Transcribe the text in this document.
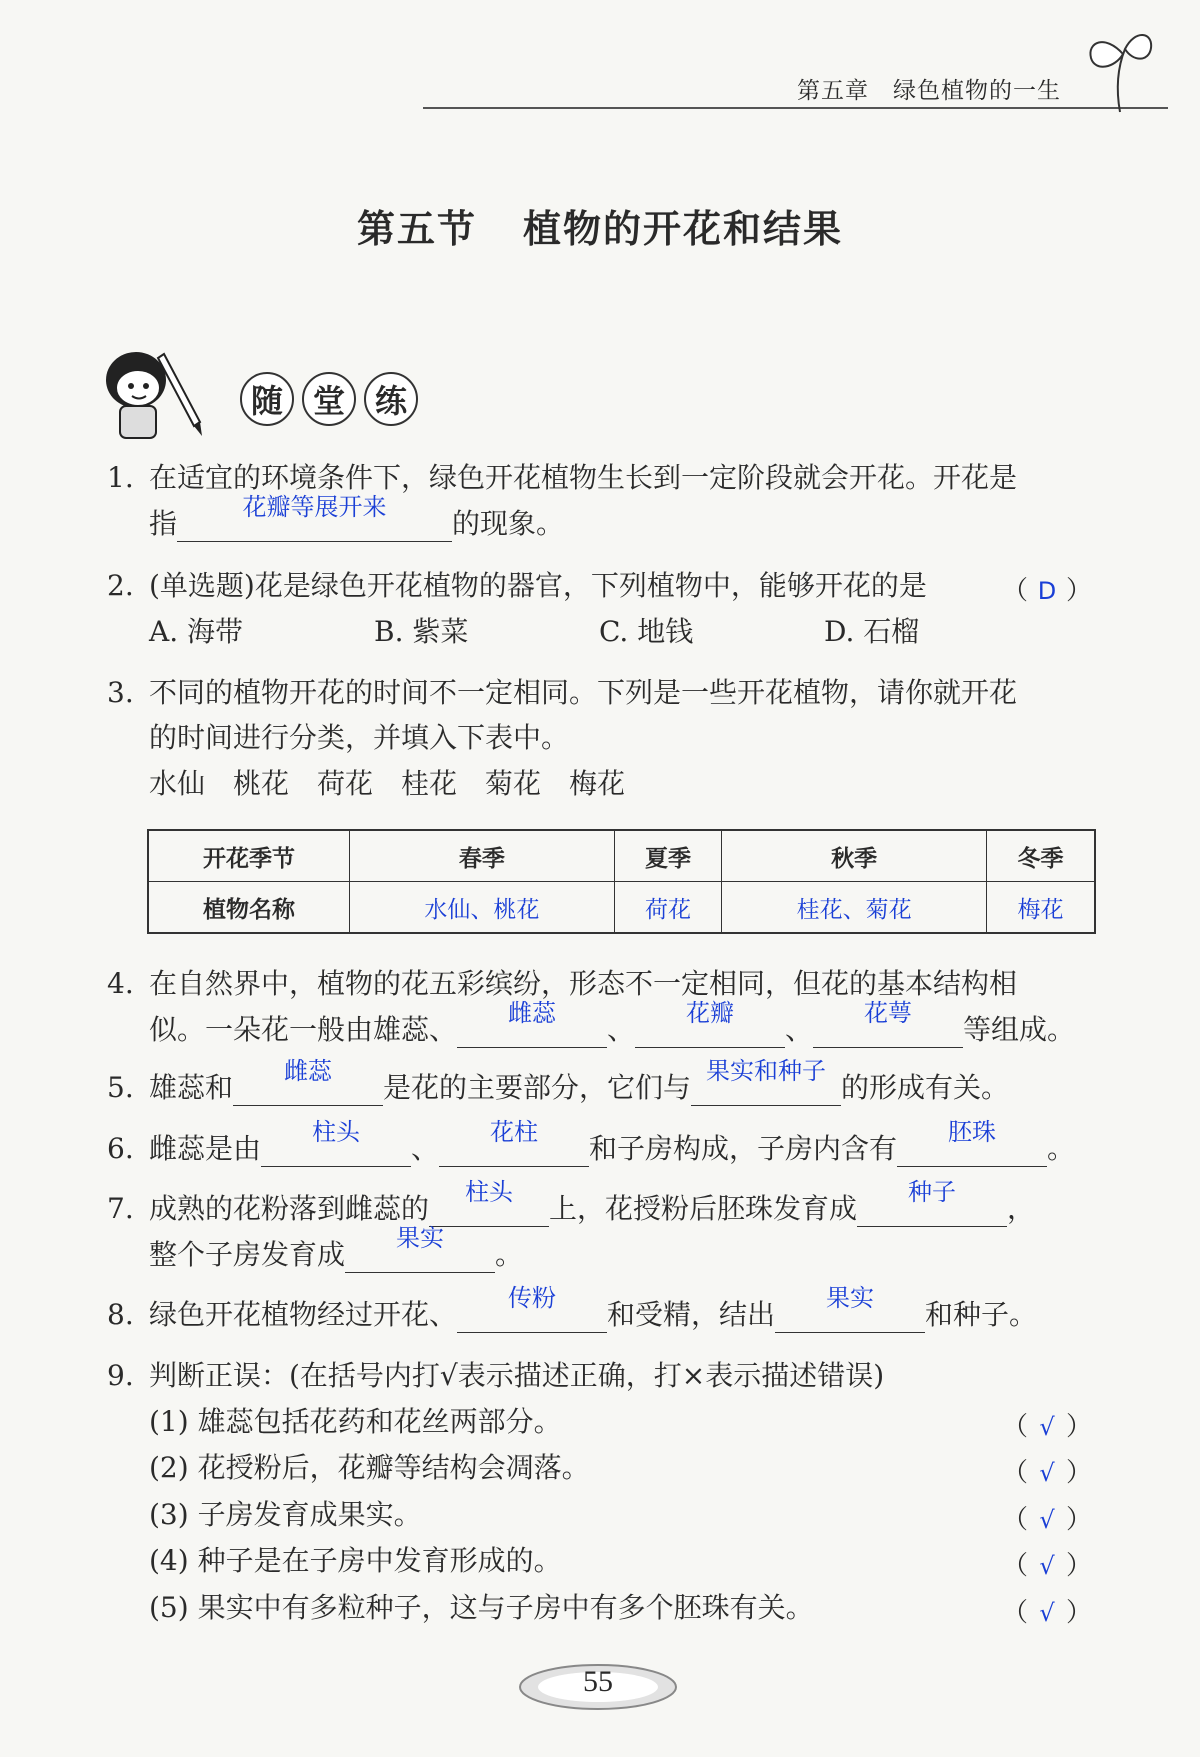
第五章　绿色植物的一生
第五节 植物的开花和结果
随 堂 练
1. 在适宜的环境条件下，绿色开花植物生长到一定阶段就会开花。开花是
指	花瓣等展开来	的现象。
2. (单选题)花是绿色开花植物的器官，下列植物中，能够开花的是	（ D ）
A. 海带	B. 紫菜	C. 地钱	D. 石榴
3. 不同的植物开花的时间不一定相同。下列是一些开花植物，请你就开花
的时间进行分类，并填入下表中。
水仙　桃花　荷花　桂花　菊花　梅花
开花季节	春季	夏季	秋季	冬季
植物名称	水仙、桃花	荷花	桂花、菊花	梅花
4. 在自然界中，植物的花五彩缤纷，形态不一定相同，但花的基本结构相
似。一朵花一般由雄蕊、	雌蕊	、	花瓣	、	花萼	等组成。
5. 雄蕊和	雌蕊	是花的主要部分，它们与 果实和种子 的形成有关。
6. 雌蕊是由	柱头	、	花柱	和子房构成，子房内含有	胚珠	。
7. 成熟的花粉落到雌蕊的	柱头	上，花授粉后胚珠发育成	种子	，
整个子房发育成	果实	。
8. 绿色开花植物经过开花、	传粉	和受精，结出	果实	和种子。
9. 判断正误：(在括号内打√表示描述正确，打×表示描述错误)
(1) 雄蕊包括花药和花丝两部分。	（ √ ）
(2) 花授粉后，花瓣等结构会凋落。	（ √ ）
(3) 子房发育成果实。	（ √ ）
(4) 种子是在子房中发育形成的。	（ √ ）
(5) 果实中有多粒种子，这与子房中有多个胚珠有关。	（ √ ）
55
